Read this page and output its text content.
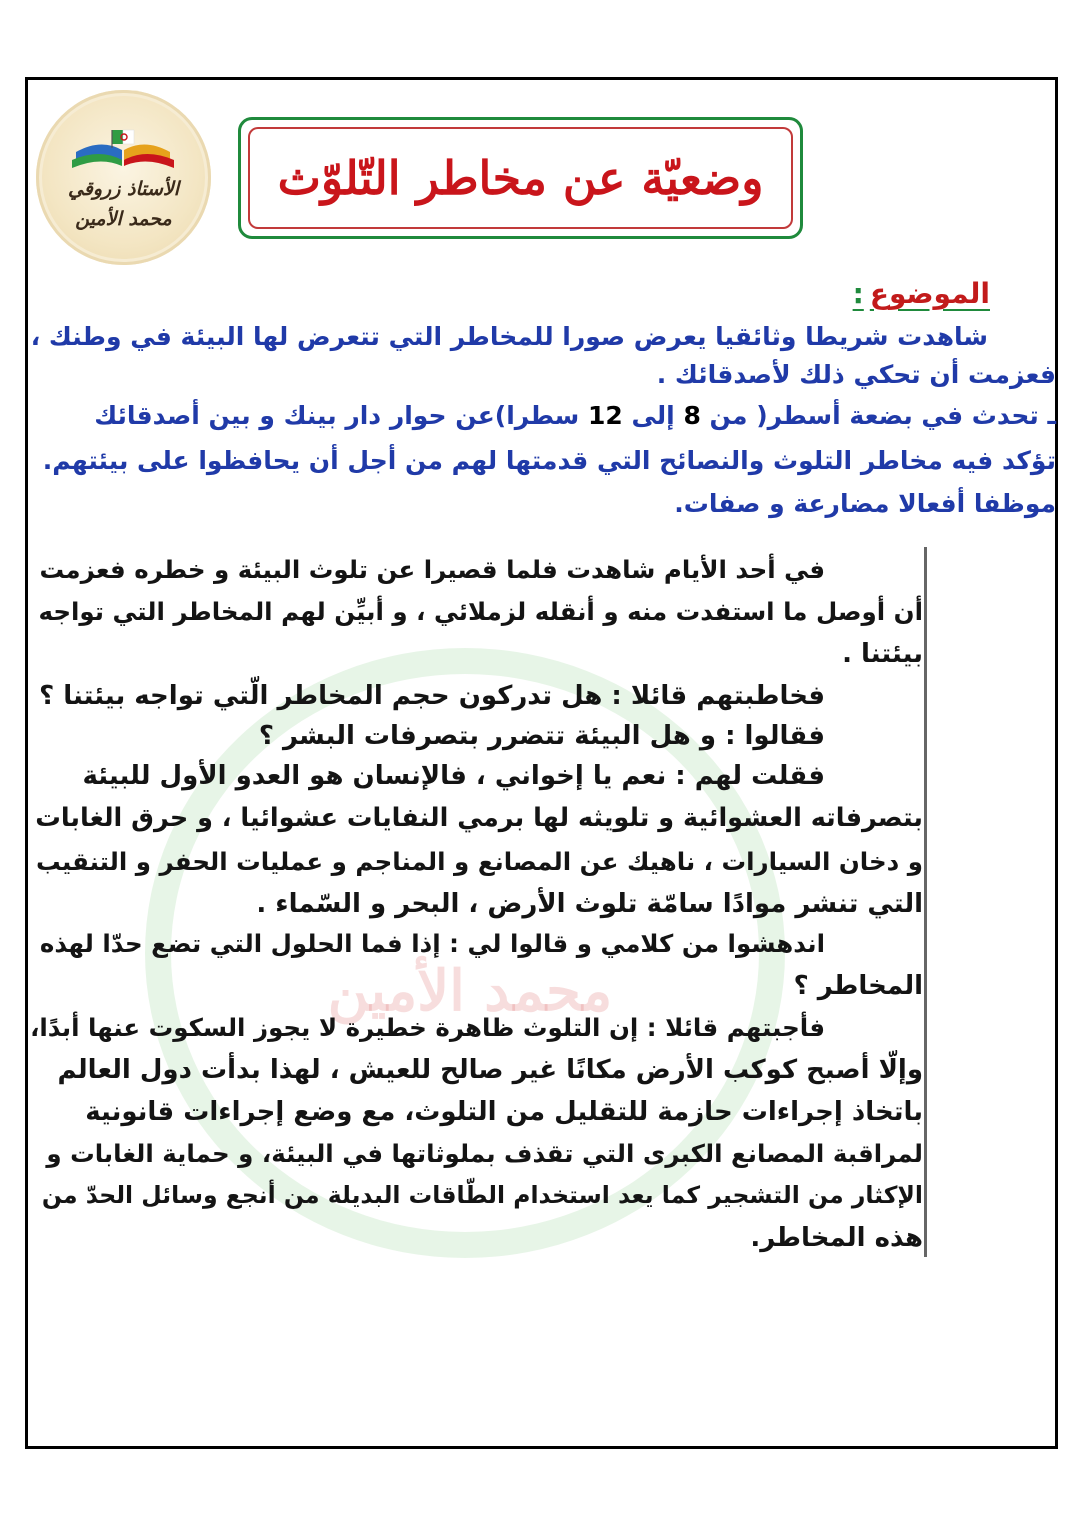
محمد الأمين
الأستاذ زروقي
محمد الأمين
وضعيّة عن مخاطر التّلوّث
الموضوع:
شاهدت شريطا وثائقيا يعرض صورا للمخاطر التي تتعرض لها البيئة في وطنك ،
فعزمت أن تحكي ذلك لأصدقائك .
ـ تحدث في بضعة أسطر( من 8 إلى 12 سطرا)عن حوار دار بينك و بين أصدقائك
تؤكد فيه مخاطر التلوث والنصائح التي قدمتها لهم من أجل أن يحافظوا على بيئتهم.
موظفا أفعالا مضارعة و صفات.
في أحد الأيام شاهدت فلما قصيرا عن تلوث البيئة و خطره فعزمت
أن أوصل ما استفدت منه و أنقله لزملائي ، و أبيِّن لهم المخاطر التي تواجه
بيئتنا .
فخاطبتهم قائلا : هل تدركون حجم المخاطر الّتي تواجه بيئتنا ؟
فقالوا : و هل البيئة تتضرر بتصرفات البشر ؟
فقلت لهم : نعم يا إخواني ، فالإنسان هو العدو الأول للبيئة
بتصرفاته العشوائية و تلويثه لها برمي النفايات عشوائيا ، و حرق الغابات
و دخان السيارات ، ناهيك عن المصانع و المناجم و عمليات الحفر و التنقيب
التي تنشر موادًا سامّة تلوث الأرض ، البحر و السّماء .
اندهشوا من كلامي و قالوا لي : إذا فما الحلول التي تضع حدّا لهذه
المخاطر ؟
فأجبتهم قائلا : إن التلوث ظاهرة خطيرة لا يجوز السكوت عنها أبدًا،
وإلّا أصبح كوكب الأرض مكانًا غير صالح للعيش ، لهذا بدأت دول العالم
باتخاذ إجراءات حازمة للتقليل من التلوث، مع وضع إجراءات قانونية
لمراقبة المصانع الكبرى التي تقذف بملوثاتها في البيئة، و حماية الغابات و
الإكثار من التشجير كما يعد استخدام الطّاقات البديلة من أنجع وسائل الحدّ من
هذه المخاطر.
